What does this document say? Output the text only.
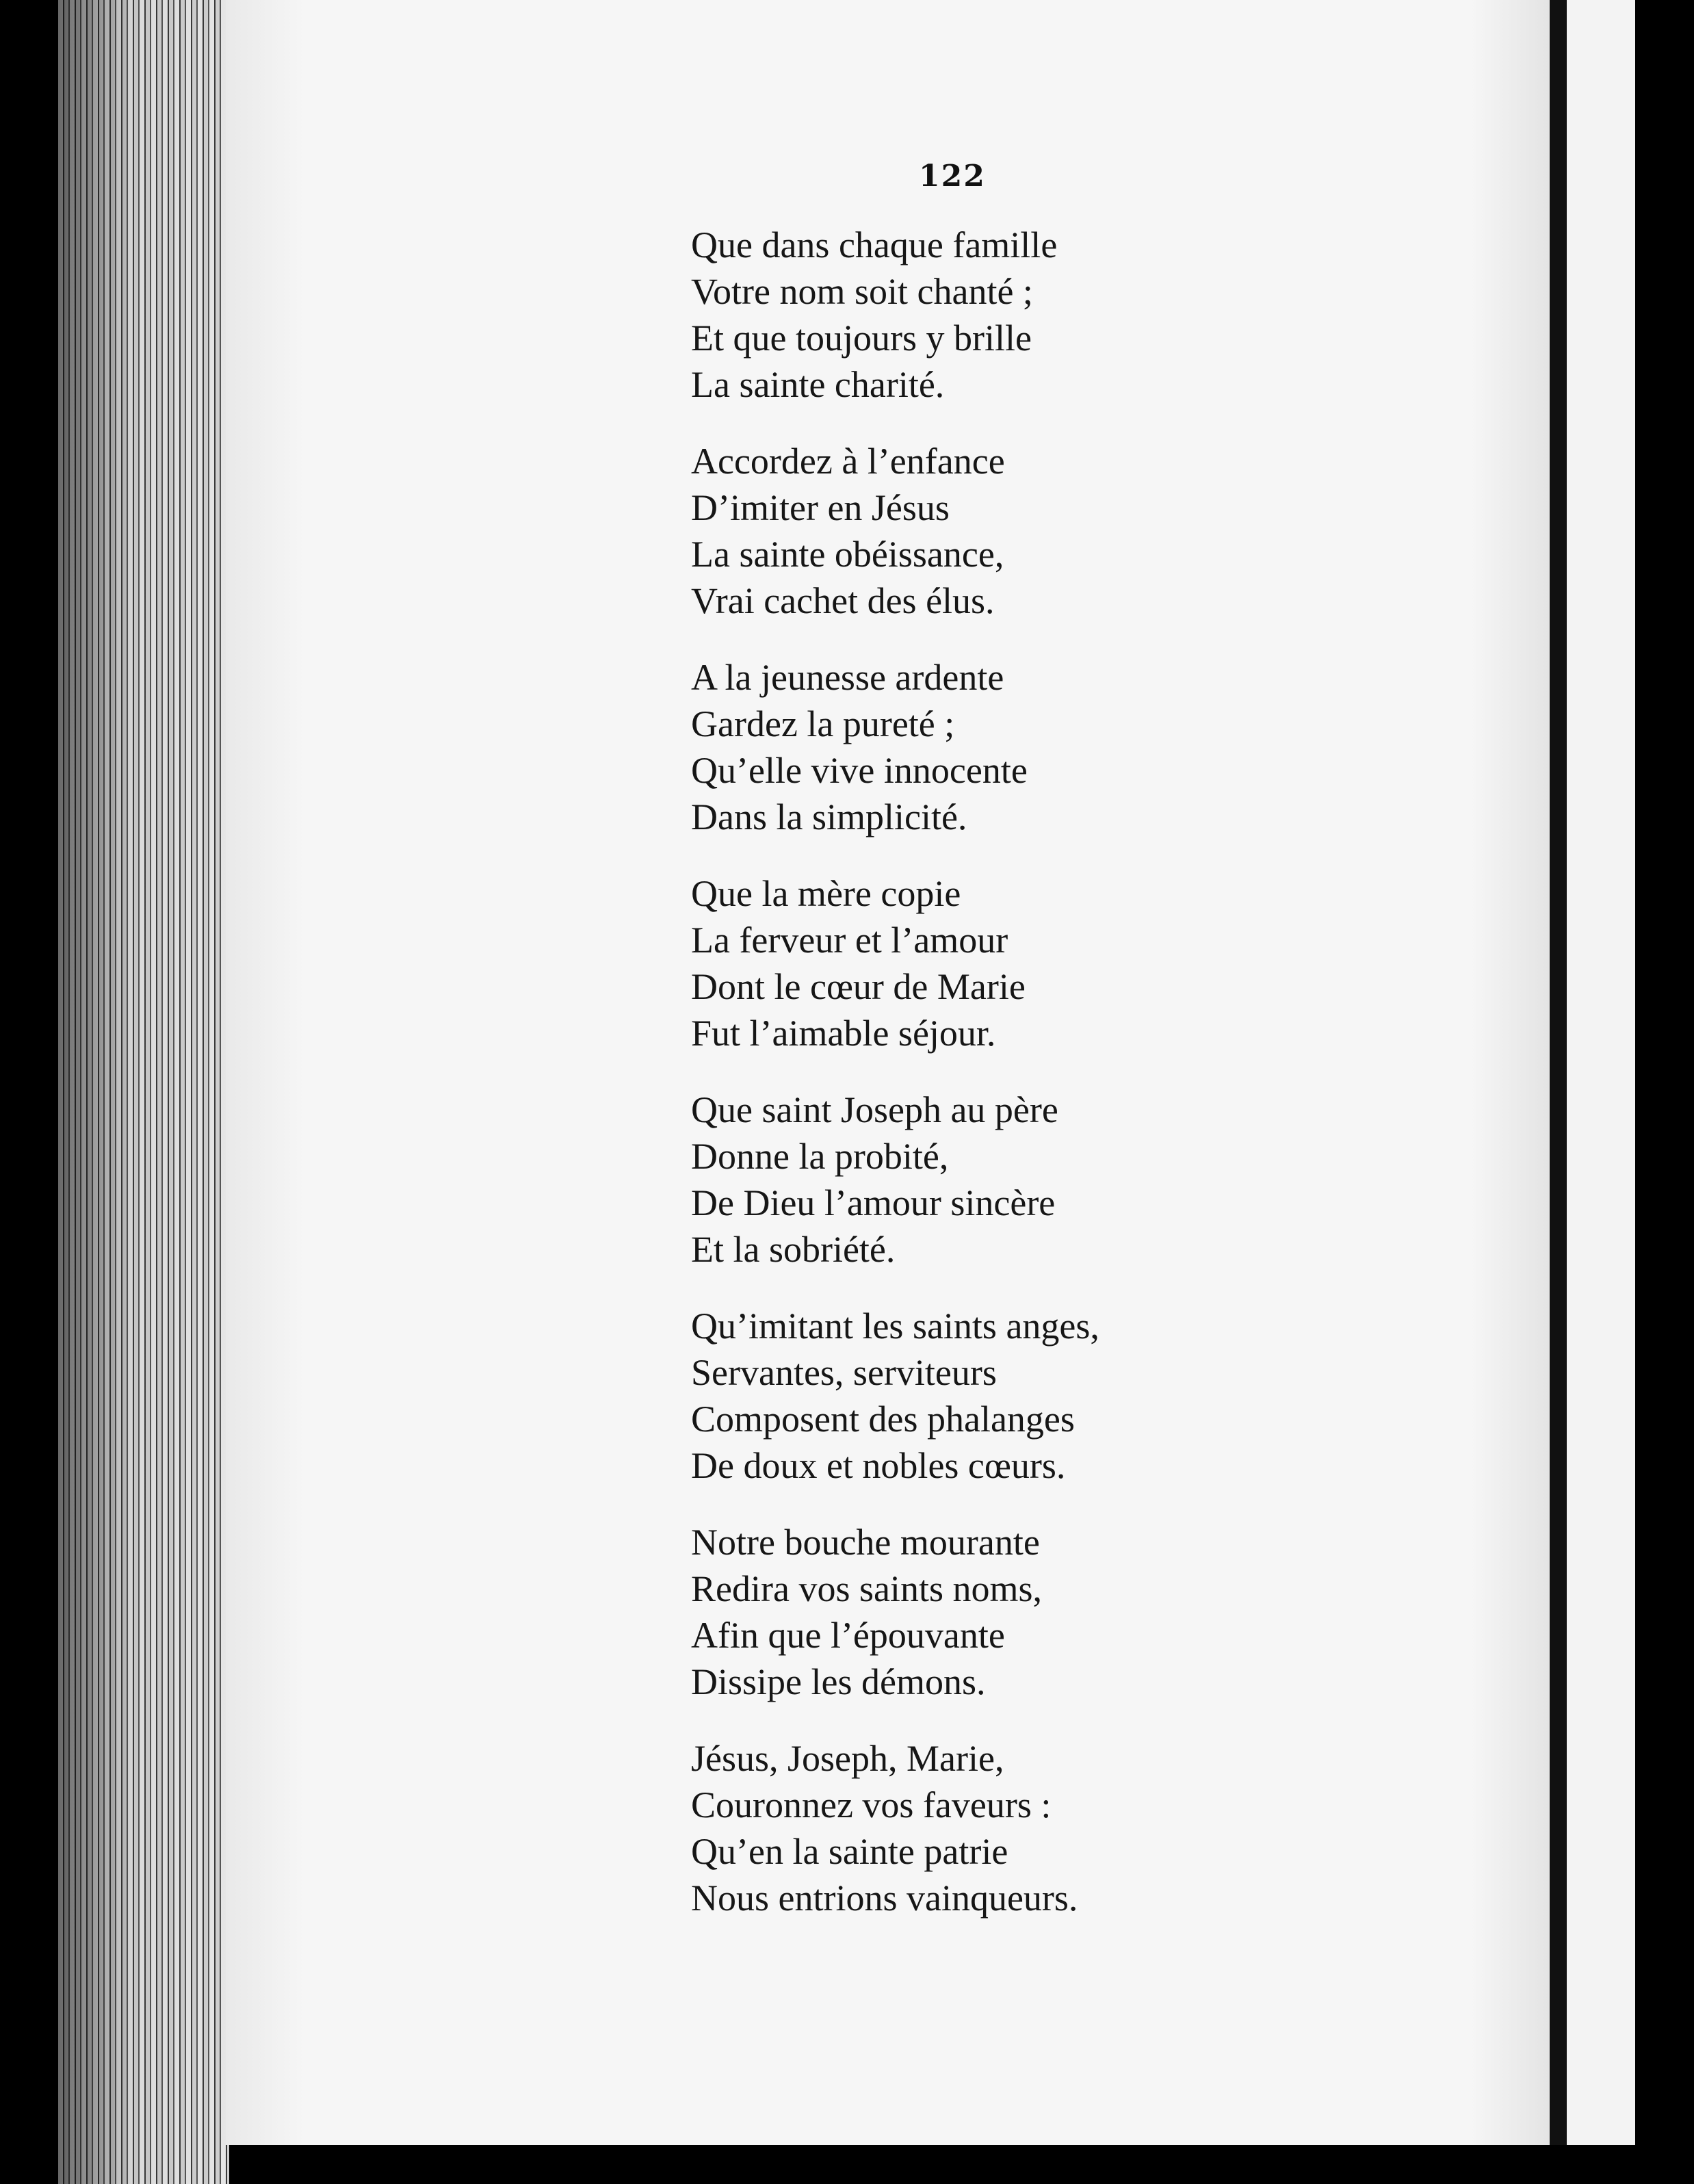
122
Que dans chaque famille
Votre nom soit chanté ;
Et que toujours y brille
La sainte charité.
Accordez à l’enfance
D’imiter en Jésus
La sainte obéissance,
Vrai cachet des élus.
A la jeunesse ardente
Gardez la pureté ;
Qu’elle vive innocente
Dans la simplicité.
Que la mère copie
La ferveur et l’amour
Dont le cœur de Marie
Fut l’aimable séjour.
Que saint Joseph au père
Donne la probité,
De Dieu l’amour sincère
Et la sobriété.
Qu’imitant les saints anges,
Servantes, serviteurs
Composent des phalanges
De doux et nobles cœurs.
Notre bouche mourante
Redira vos saints noms,
Afin que l’épouvante
Dissipe les démons.
Jésus, Joseph, Marie,
Couronnez vos faveurs :
Qu’en la sainte patrie
Nous entrions vainqueurs.
